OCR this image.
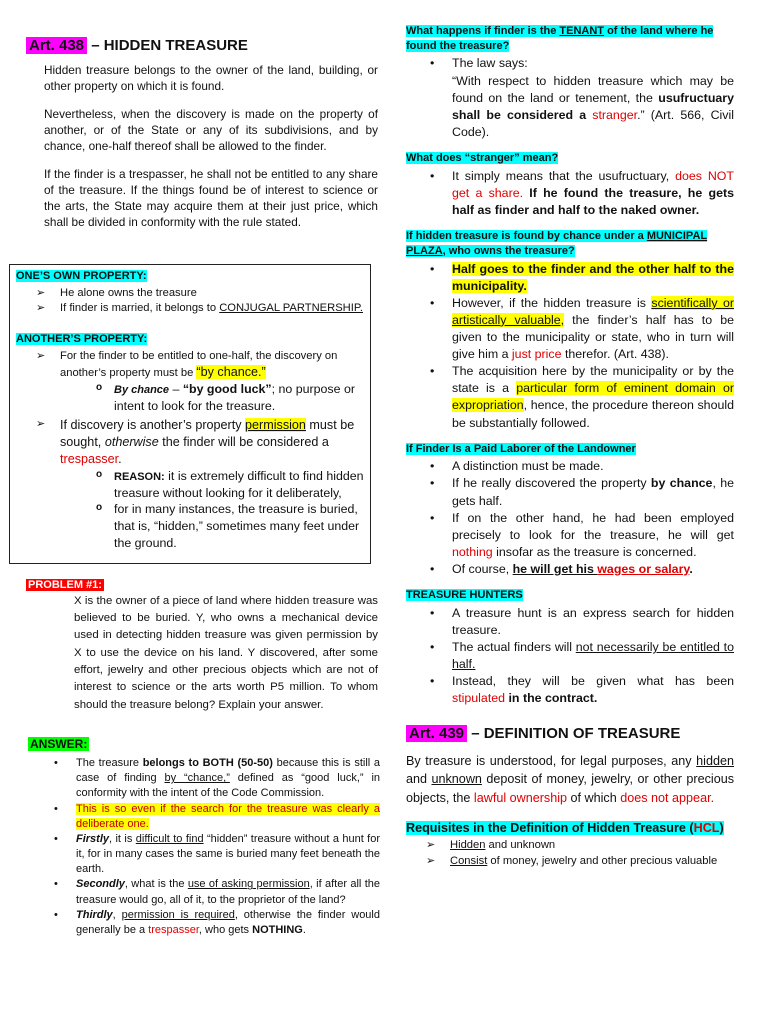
Art. 438 – HIDDEN TREASURE

Hidden treasure belongs to the owner of the land, building, or other property on which it is found.

Nevertheless, when the discovery is made on the property of another, or of the State or any of its subdivisions, and by chance, one-half thereof shall be allowed to the finder.

If the finder is a trespasser, he shall not be entitled to any share of the treasure. If the things found be of interest to science or the arts, the State may acquire them at their just price, which shall be divided in conformity with the rule stated.

ONE’S OWN PROPERTY:
➢ He alone owns the treasure
➢ If finder is married, it belongs to CONJUGAL PARTNERSHIP.
ANOTHER’S PROPERTY:
➢ For the finder to be entitled to one-half, the discovery on another’s property must be “by chance.”
o By chance – “by good luck”; no purpose or intent to look for the treasure.
➢ If discovery is another’s property permission must be sought, otherwise the finder will be considered a trespasser.
o REASON: it is extremely difficult to find hidden treasure without looking for it deliberately,
o for in many instances, the treasure is buried, that is, “hidden,” sometimes many feet under the ground.
PROBLEM #1:

X is the owner of a piece of land where hidden treasure was believed to be buried. Y, who owns a mechanical device used in detecting hidden treasure was given permission by X to use the device on his land. Y discovered, after some effort, jewelry and other precious objects which are not of interest to science or the arts worth P5 million. To whom should the treasure belong? Explain your answer.

ANSWER:
• The treasure belongs to BOTH (50-50) because this is still a case of finding by “chance,” defined as “good luck,” in conformity with the intent of the Code Commission.
• This is so even if the search for the treasure was clearly a deliberate one.
• Firstly, it is difficult to find “hidden” treasure without a hunt for it, for in many cases the same is buried many feet beneath the earth.
• Secondly, what is the use of asking permission, if after all the treasure would go, all of it, to the proprietor of the land?
• Thirdly, permission is required, otherwise the finder would generally be a trespasser, who gets NOTHING.
What happens if finder is the TENANT of the land where he found the treasure?
• The law says:
“With respect to hidden treasure which may be found on the land or tenement, the usufructuary shall be considered a stranger.” (Art. 566, Civil Code).
What does “stranger” mean?
• It simply means that the usufructuary, does NOT get a share. If he found the treasure, he gets half as finder and half to the naked owner.
If hidden treasure is found by chance under a MUNICIPAL PLAZA, who owns the treasure?
• Half goes to the finder and the other half to the municipality.
• However, if the hidden treasure is scientifically or artistically valuable, the finder’s half has to be given to the municipality or state, who in turn will give him a just price therefor. (Art. 438).
• The acquisition here by the municipality or by the state is a particular form of eminent domain or expropriation, hence, the procedure thereon should be substantially followed.
If Finder Is a Paid Laborer of the Landowner
• A distinction must be made.
• If he really discovered the property by chance, he gets half.
• If on the other hand, he had been employed precisely to look for the treasure, he will get nothing insofar as the treasure is concerned.
• Of course, he will get his wages or salary.
TREASURE HUNTERS
• A treasure hunt is an express search for hidden treasure.
• The actual finders will not necessarily be entitled to half.
• Instead, they will be given what has been stipulated in the contract.
Art. 439 – DEFINITION OF TREASURE

By treasure is understood, for legal purposes, any hidden and unknown deposit of money, jewelry, or other precious objects, the lawful ownership of which does not appear.

Requisites in the Definition of Hidden Treasure (HCL)
➢ Hidden and unknown
➢ Consist of money, jewelry and other precious valuable
